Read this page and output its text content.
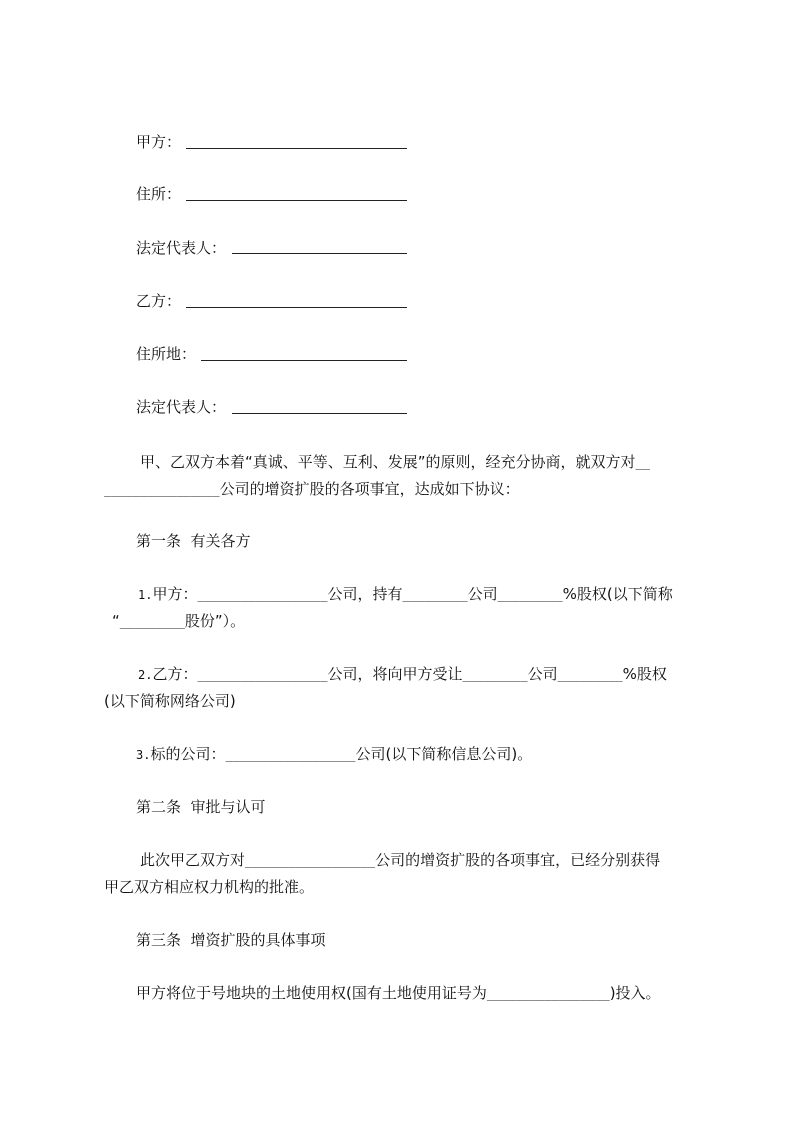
甲方：
住所：
法定代表人：
乙方：
住所地：
法定代表人：
甲、乙双方本着“真诚、平等、互利、发展”的原则，经充分协商，就双方对__
________________公司的增资扩股的各项事宜，达成如下协议：
第一条  有关各方
1.甲方：__________________公司，持有_________公司_________%股权(以下简称
“_________股份”）。
2.乙方：__________________公司，将向甲方受让_________公司_________%股权
(以下简称网络公司)
3.标的公司：__________________公司(以下简称信息公司)。
第二条  审批与认可
此次甲乙双方对__________________公司的增资扩股的各项事宜，已经分别获得
甲乙双方相应权力机构的批准。
第三条  增资扩股的具体事项
甲方将位于号地块的土地使用权(国有土地使用证号为_________________)投入。
